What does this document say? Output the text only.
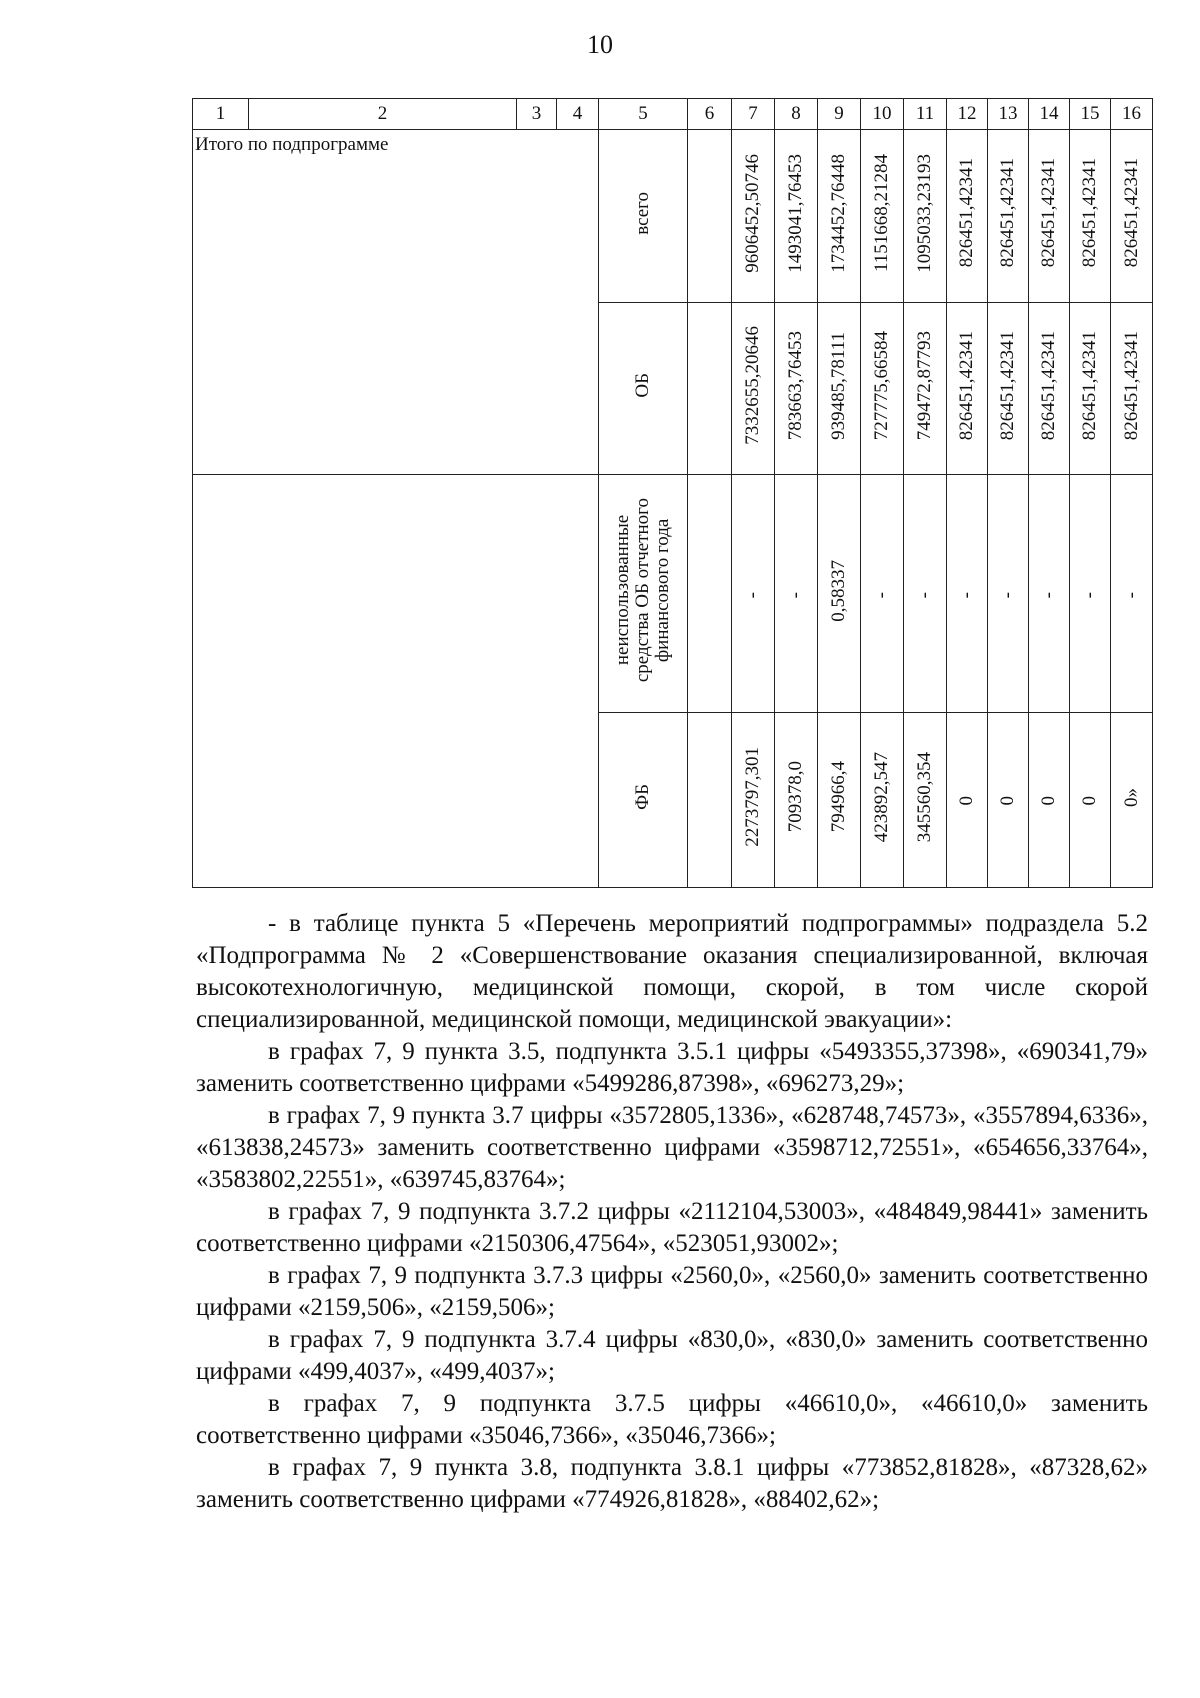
10
1	2	3	4	5	6	7	8	9	10	11	12	13	14	15	16
Итого по подпрограмме				всего		9606452,50746	1493041,76453	1734452,76448	1151668,21284	1095033,23193	826451,42341	826451,42341	826451,42341	826451,42341	826451,42341
				ОБ		7332655,20646	783663,76453	939485,78111	727775,66584	749472,87793	826451,42341	826451,42341	826451,42341	826451,42341	826451,42341

				неиспользованные
средства ОБ отчетного
финансового года		-	-	0,58337	-	-	-	-	-	-	-
				ФБ		2273797,301	709378,0	794966,4	423892,547	345560,354	0	0	0	0	0»

- в таблице пункта 5 «Перечень мероприятий подпрограммы» подраздела 5.2 «Подпрограмма № 2 «Совершенствование оказания специализированной, включая высокотехнологичную, медицинской помощи, скорой, в том числе скорой специализированной, медицинской помощи, медицинской эвакуации»:

в графах 7, 9 пункта 3.5, подпункта 3.5.1 цифры «5493355,37398», «690341,79» заменить соответственно цифрами «5499286,87398», «696273,29»;

в графах 7, 9 пункта 3.7 цифры «3572805,1336», «628748,74573», «3557894,6336», «613838,24573» заменить соответственно цифрами «3598712,72551», «654656,33764», «3583802,22551», «639745,83764»;

в графах 7, 9 подпункта 3.7.2 цифры «2112104,53003», «484849,98441» заменить соответственно цифрами «2150306,47564», «523051,93002»;

в графах 7, 9 подпункта 3.7.3 цифры «2560,0», «2560,0» заменить соответственно цифрами «2159,506», «2159,506»;

в графах 7, 9 подпункта 3.7.4 цифры «830,0», «830,0» заменить соответственно цифрами «499,4037», «499,4037»;

в графах 7, 9 подпункта 3.7.5 цифры «46610,0», «46610,0» заменить соответственно цифрами «35046,7366», «35046,7366»;

в графах 7, 9 пункта 3.8, подпункта 3.8.1 цифры «773852,81828», «87328,62» заменить соответственно цифрами «774926,81828», «88402,62»;
